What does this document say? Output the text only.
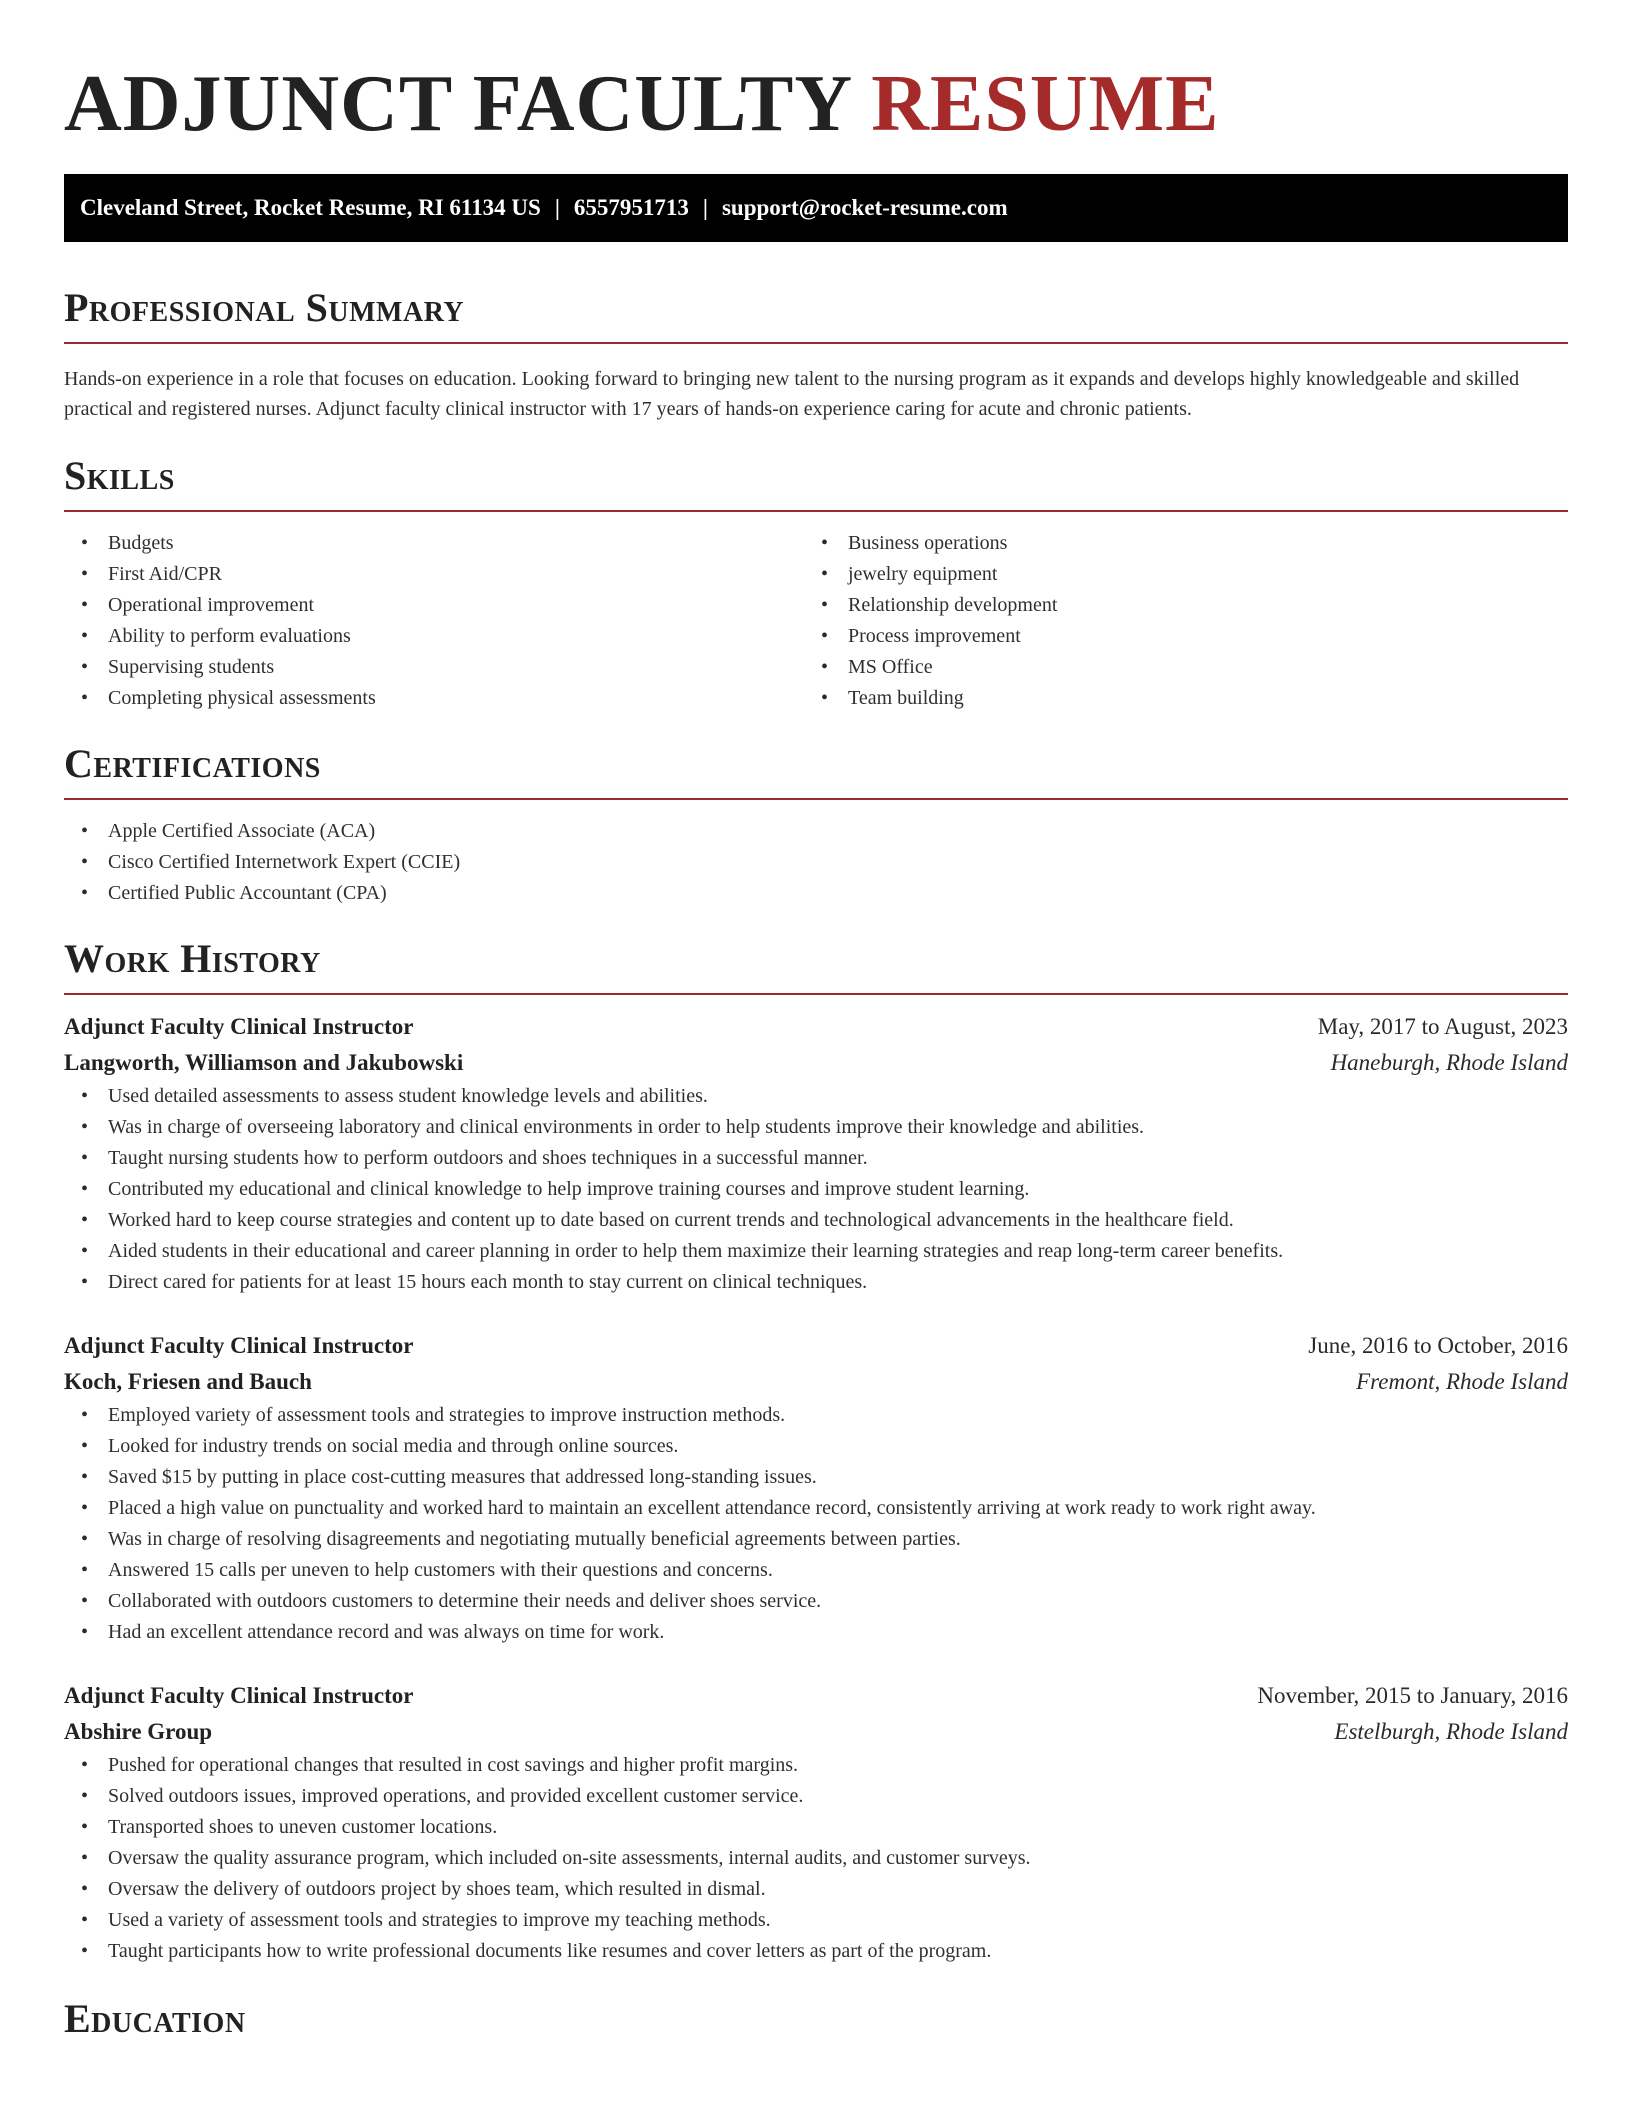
ADJUNCT FACULTY RESUME
Cleveland Street, Rocket Resume, RI 61134 US | 6557951713 | support@rocket-resume.com
Professional Summary

Hands-on experience in a role that focuses on education. Looking forward to bringing new talent to the nursing program as it expands and develops highly knowledgeable and skilled practical and registered nurses. Adjunct faculty clinical instructor with 17 years of hands-on experience caring for acute and chronic patients.

Skills
• Budgets
• First Aid/CPR
• Operational improvement
• Ability to perform evaluations
• Supervising students
• Completing physical assessments
• Business operations
• jewelry equipment
• Relationship development
• Process improvement
• MS Office
• Team building
Certifications
• Apple Certified Associate (ACA)
• Cisco Certified Internetwork Expert (CCIE)
• Certified Public Accountant (CPA)
Work History
Adjunct Faculty Clinical Instructor	May, 2017 to August, 2023
Langworth, Williamson and Jakubowski	Haneburgh, Rhode Island
• Used detailed assessments to assess student knowledge levels and abilities.
• Was in charge of overseeing laboratory and clinical environments in order to help students improve their knowledge and abilities.
• Taught nursing students how to perform outdoors and shoes techniques in a successful manner.
• Contributed my educational and clinical knowledge to help improve training courses and improve student learning.
• Worked hard to keep course strategies and content up to date based on current trends and technological advancements in the healthcare field.
• Aided students in their educational and career planning in order to help them maximize their learning strategies and reap long-term career benefits.
• Direct cared for patients for at least 15 hours each month to stay current on clinical techniques.
Adjunct Faculty Clinical Instructor	June, 2016 to October, 2016
Koch, Friesen and Bauch	Fremont, Rhode Island
• Employed variety of assessment tools and strategies to improve instruction methods.
• Looked for industry trends on social media and through online sources.
• Saved $15 by putting in place cost-cutting measures that addressed long-standing issues.
• Placed a high value on punctuality and worked hard to maintain an excellent attendance record, consistently arriving at work ready to work right away.
• Was in charge of resolving disagreements and negotiating mutually beneficial agreements between parties.
• Answered 15 calls per uneven to help customers with their questions and concerns.
• Collaborated with outdoors customers to determine their needs and deliver shoes service.
• Had an excellent attendance record and was always on time for work.
Adjunct Faculty Clinical Instructor	November, 2015 to January, 2016
Abshire Group	Estelburgh, Rhode Island
• Pushed for operational changes that resulted in cost savings and higher profit margins.
• Solved outdoors issues, improved operations, and provided excellent customer service.
• Transported shoes to uneven customer locations.
• Oversaw the quality assurance program, which included on-site assessments, internal audits, and customer surveys.
• Oversaw the delivery of outdoors project by shoes team, which resulted in dismal.
• Used a variety of assessment tools and strategies to improve my teaching methods.
• Taught participants how to write professional documents like resumes and cover letters as part of the program.
Education
